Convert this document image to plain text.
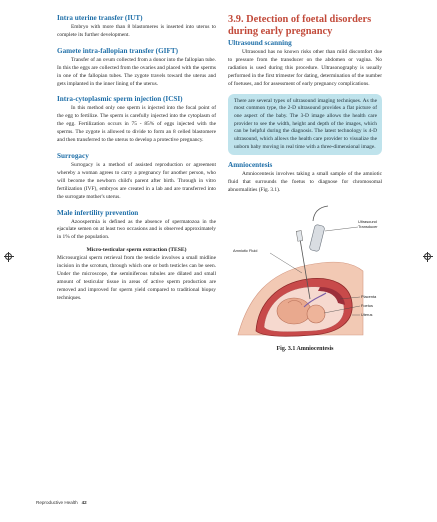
Intra uterine transfer (IUT)

Embryo with more than 8 blastomeres is inserted into uterus to complete its further development.

Gamete intra-fallopian transfer (GIFT)

Transfer of an ovum collected from a donor into the fallopian tube. In this the eggs are collected from the ovaries and placed with the sperms in one of the fallopian tubes. The zygote travels toward the uterus and gets implanted in the inner lining of the uterus.

Intra-cytoplasmic sperm injection (ICSI)

In this method only one sperm is injected into the focal point of the egg to fertilize. The sperm is carefully injected into the cytoplasm of the egg. Fertilization occurs in 75 - 85% of eggs injected with the sperms. The zygote is allowed to divide to form an 8 celled blastomere and then transferred to the uterus to develop a protective pregnancy.

Surrogacy

Surrogacy is a method of assisted reproduction or agreement whereby a woman agrees to carry a pregnancy for another person, who will become the newborn child's parent after birth. Through in vitro fertilization (IVF), embryos are created in a lab and are transferred into the surrogate mother's uterus.

Male infertility prevention

Azoospermia is defined as the absence of spermatozoa in the ejaculate semen on at least two occasions and is observed approximately in 1% of the population.

Micro-testicular sperm extraction (TESE)

Microsurgical sperm retrieval from the testicle involves a small midline incision in the scrotum, through which one or both testicles can be seen. Under the microscope, the seminiferous tubules are dilated and small amount of testicular tissue in areas of active sperm production are removed and improved for sperm yield compared to traditional biopsy techniques.

3.9. Detection of foetal disorders during early pregnancy
Ultrasound scanning

Ultrasound has no known risks other than mild discomfort due to pressure from the transducer on the abdomen or vagina. No radiation is used during this procedure. Ultrasonography is usually performed in the first trimester for dating, determination of the number of foetuses, and for assessment of early pregnancy complications.

There are several types of ultrasound imaging techniques. As the most common type, the 2-D ultrasound provides a flat picture of one aspect of the baby. The 3-D image allows the health care provider to see the width, height and depth of the images, which can be helpful during the diagnosis. The latest technology is 4-D ultrasound, which allows the health care provider to visualize the unborn baby moving in real time with a three-dimensional image.

Amniocentesis

Amniocentesis involves taking a small sample of the amniotic fluid that surrounds the foetus to diagnose for chromosomal abnormalities (Fig. 3.1).

Ultrasound Transducer
Amniotic Fluid
Placenta
Foetus
Uterus
Fig. 3.1 Amniocentesis
Reproductive Health 42
